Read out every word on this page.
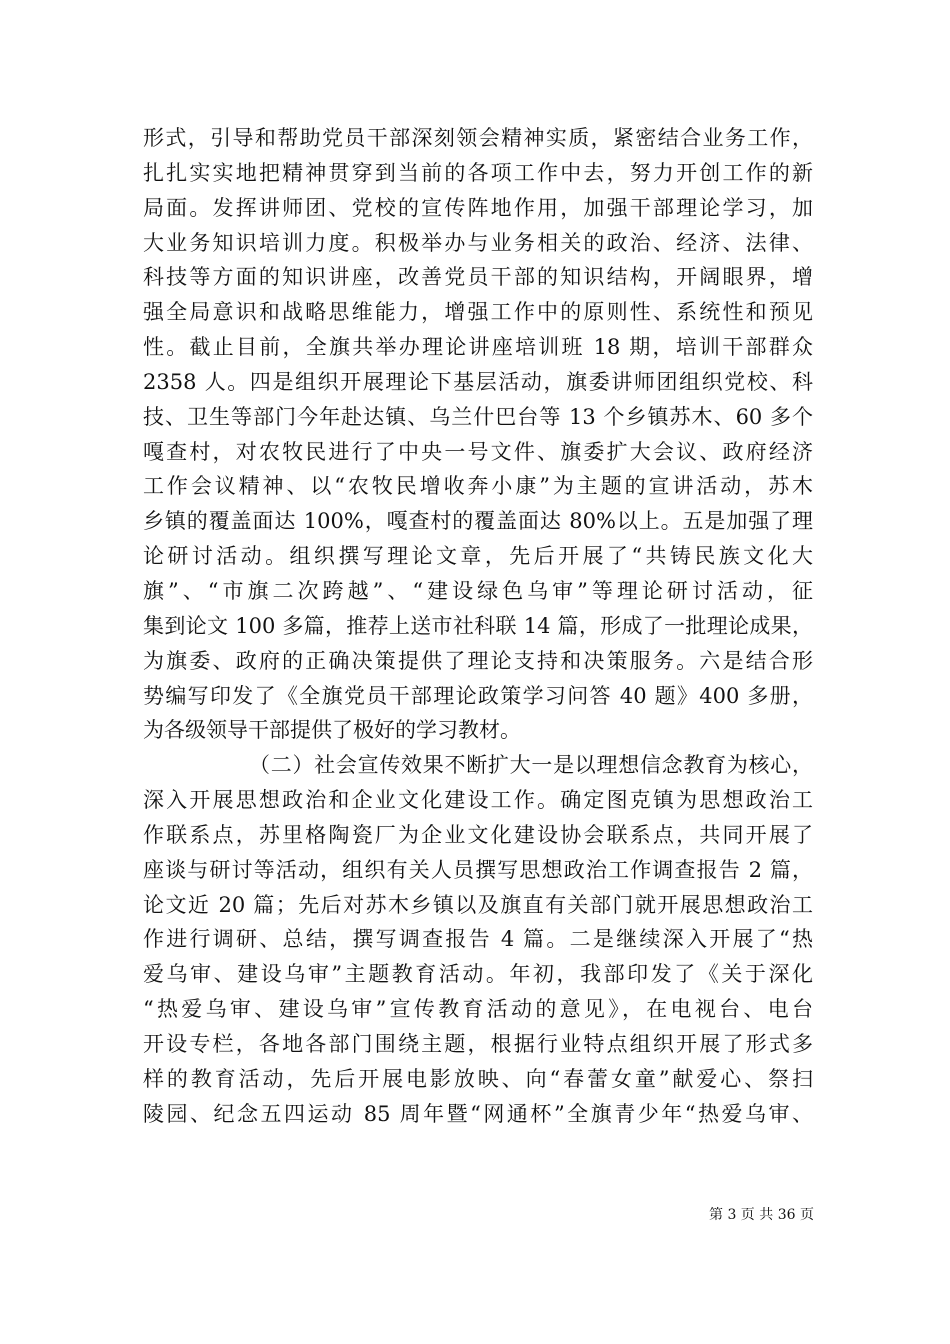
形式，引导和帮助党员干部深刻领会精神实质，紧密结合业务工作，
扎扎实实地把精神贯穿到当前的各项工作中去，努力开创工作的新
局面。发挥讲师团、党校的宣传阵地作用，加强干部理论学习，加
大业务知识培训力度。积极举办与业务相关的政治、经济、法律、
科技等方面的知识讲座，改善党员干部的知识结构，开阔眼界，增
强全局意识和战略思维能力，增强工作中的原则性、系统性和预见
性。截止目前，全旗共举办理论讲座培训班 18 期，培训干部群众
2358 人。四是组织开展理论下基层活动，旗委讲师团组织党校、科
技、卫生等部门今年赴达镇、乌兰什巴台等 13 个乡镇苏木、60 多个
嘎查村，对农牧民进行了中央一号文件、旗委扩大会议、政府经济
工作会议精神、以“农牧民增收奔小康”为主题的宣讲活动，苏木
乡镇的覆盖面达 100%，嘎查村的覆盖面达 80%以上。五是加强了理
论研讨活动。组织撰写理论文章，先后开展了“共铸民族文化大
旗”、“市旗二次跨越”、“建设绿色乌审”等理论研讨活动，征
集到论文 100 多篇，推荐上送市社科联 14 篇，形成了一批理论成果，
为旗委、政府的正确决策提供了理论支持和决策服务。六是结合形
势编写印发了《全旗党员干部理论政策学习问答 40 题》400 多册，
为各级领导干部提供了极好的学习教材。
（二）社会宣传效果不断扩大一是以理想信念教育为核心，
深入开展思想政治和企业文化建设工作。确定图克镇为思想政治工
作联系点，苏里格陶瓷厂为企业文化建设协会联系点，共同开展了
座谈与研讨等活动，组织有关人员撰写思想政治工作调查报告 2 篇，
论文近 20 篇；先后对苏木乡镇以及旗直有关部门就开展思想政治工
作进行调研、总结，撰写调查报告 4 篇。二是继续深入开展了“热
爱乌审、建设乌审”主题教育活动。年初，我部印发了《关于深化
“热爱乌审、建设乌审”宣传教育活动的意见》，在电视台、电台
开设专栏，各地各部门围绕主题，根据行业特点组织开展了形式多
样的教育活动，先后开展电影放映、向“春蕾女童”献爱心、祭扫
陵园、纪念五四运动 85 周年暨“网通杯”全旗青少年“热爱乌审、
第 3 页 共 36 页
